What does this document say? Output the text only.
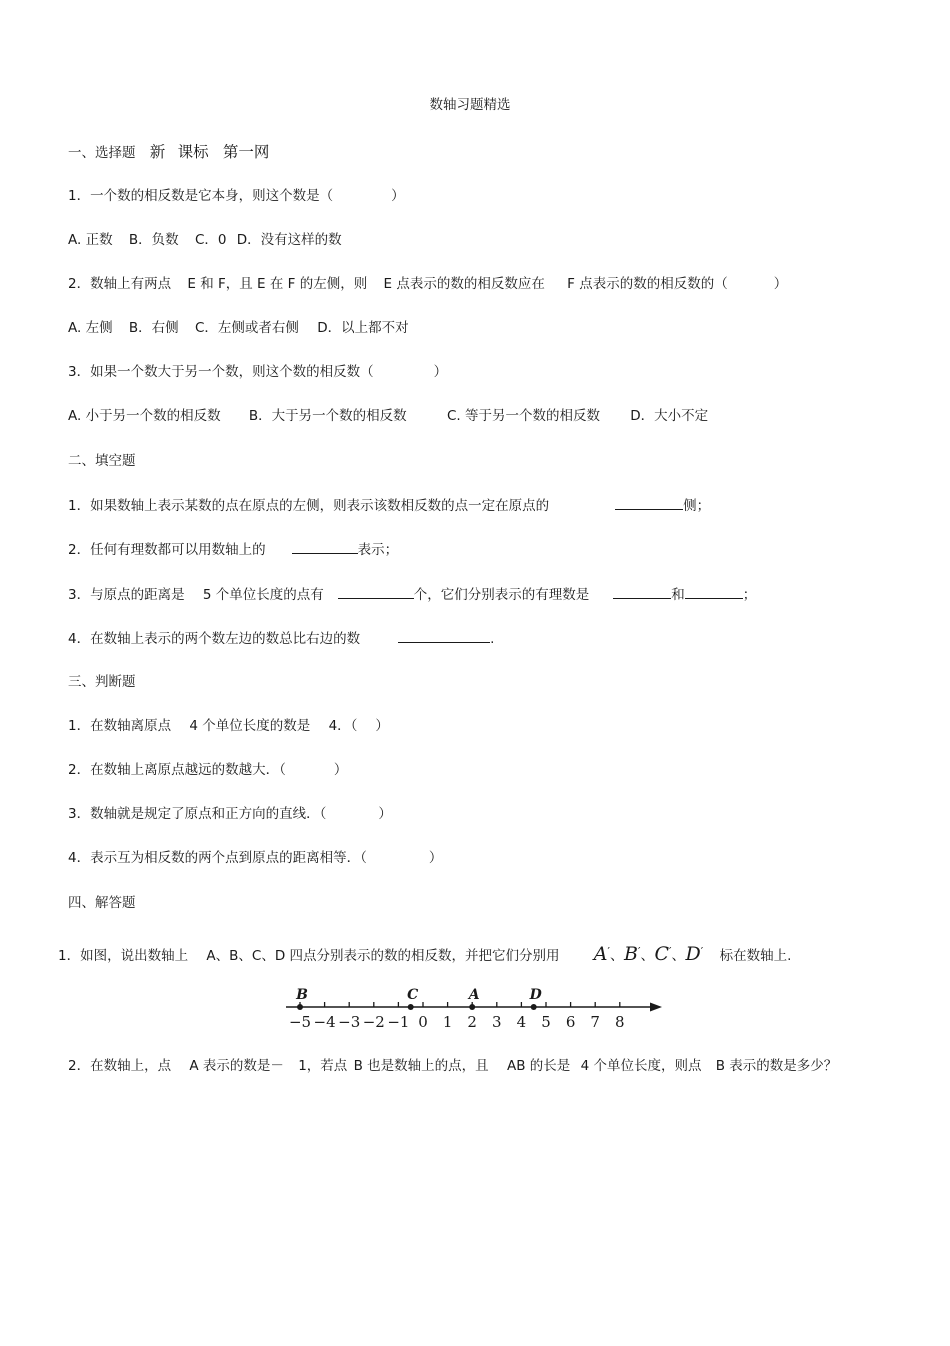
数轴习题精选
一、选择题 新 课标 第一网
1．一个数的相反数是它本身，则这个数是（	）
A. 正数 B．负数 C．0 D．没有这样的数
2．数轴上有两点 E 和 F，且 E 在 F 的左侧，则 E 点表示的数的相反数应在 F 点表示的数的相反数的（	）
A. 左侧 B．右侧 C．左侧或者右侧 D．以上都不对
3．如果一个数大于另一个数，则这个数的相反数（	）
A. 小于另一个数的相反数 B．大于另一个数的相反数	C. 等于另一个数的相反数 D．大小不定
二、填空题
1．如果数轴上表示某数的点在原点的左侧，则表示该数相反数的点一定在原点的	侧；
2．任何有理数都可以用数轴上的	表示；
3．与原点的距离是 5 个单位长度的点有	个，它们分别表示的有理数是	和	；
4．在数轴上表示的两个数左边的数总比右边的数	.
三、判断题
1．在数轴离原点 4 个单位长度的数是 4．（ ）
2．在数轴上离原点越远的数越大．（	）
3．数轴就是规定了原点和正方向的直线．（	）
4．表示互为相反数的两个点到原点的距离相等．（	）
四、解答题
1．如图，说出数轴上 A、B、C、D 四点分别表示的数的相反数，并把它们分别用 A′、B′、C′、D′ 标在数轴上.
−5 −4 −3 −2 −1 0 1 2 3 4 5 6 7 8
B	C	A	D
2．在数轴上，点 A 表示的数是－ 1，若点 B 也是数轴上的点，且 AB 的长是 4 个单位长度，则点 B 表示的数是多少？
